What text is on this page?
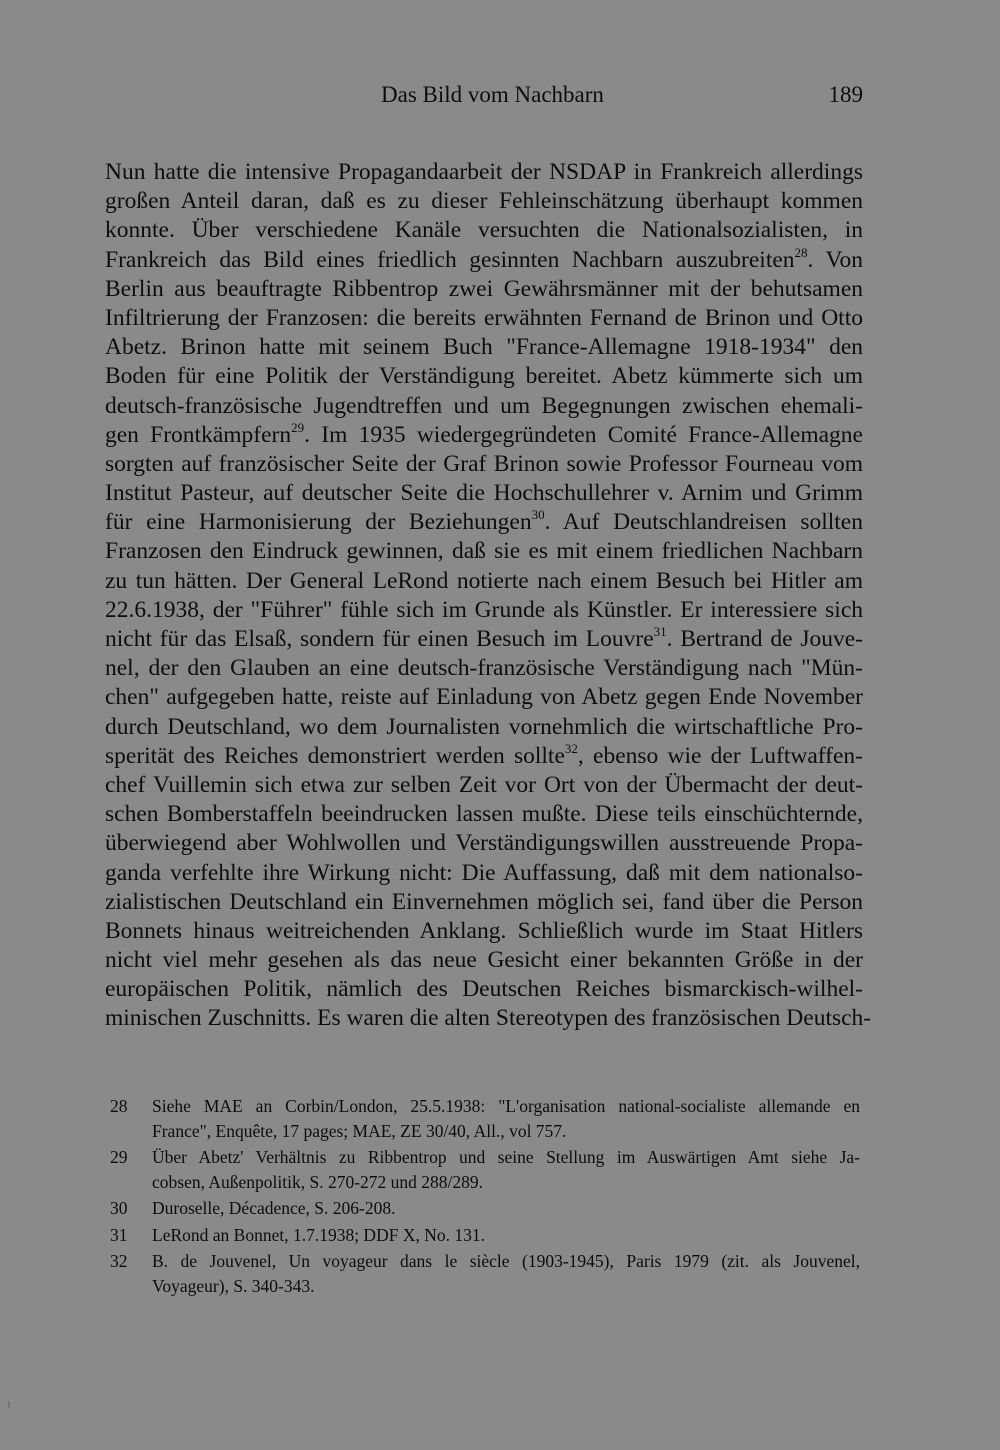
Das Bild vom Nachbarn	189
Nun hatte die intensive Propagandaarbeit der NSDAP in Frankreich allerdings
großen Anteil daran, daß es zu dieser Fehleinschätzung überhaupt kommen
konnte. Über verschiedene Kanäle versuchten die Nationalsozialisten, in
Frankreich das Bild eines friedlich gesinnten Nachbarn auszubreiten$^{28}$. Von
Berlin aus beauftragte Ribbentrop zwei Gewährsmänner mit der behutsamen
Infiltrierung der Franzosen: die bereits erwähnten Fernand de Brinon und Otto
Abetz. Brinon hatte mit seinem Buch "France-Allemagne 1918-1934" den
Boden für eine Politik der Verständigung bereitet. Abetz kümmerte sich um
deutsch-französische Jugendtreffen und um Begegnungen zwischen ehemali-
gen Frontkämpfern$^{29}$. Im 1935 wiedergegründeten Comité France-Allemagne
sorgten auf französischer Seite der Graf Brinon sowie Professor Fourneau vom
Institut Pasteur, auf deutscher Seite die Hochschullehrer v. Arnim und Grimm
für eine Harmonisierung der Beziehungen$^{30}$. Auf Deutschlandreisen sollten
Franzosen den Eindruck gewinnen, daß sie es mit einem friedlichen Nachbarn
zu tun hätten. Der General LeRond notierte nach einem Besuch bei Hitler am
22.6.1938, der "Führer" fühle sich im Grunde als Künstler. Er interessiere sich
nicht für das Elsaß, sondern für einen Besuch im Louvre$^{31}$. Bertrand de Jouve-
nel, der den Glauben an eine deutsch-französische Verständigung nach "Mün-
chen" aufgegeben hatte, reiste auf Einladung von Abetz gegen Ende November
durch Deutschland, wo dem Journalisten vornehmlich die wirtschaftliche Pro-
sperität des Reiches demonstriert werden sollte$^{32}$, ebenso wie der Luftwaffen-
chef Vuillemin sich etwa zur selben Zeit vor Ort von der Übermacht der deut-
schen Bomberstaffeln beeindrucken lassen mußte. Diese teils einschüchternde,
überwiegend aber Wohlwollen und Verständigungswillen ausstreuende Propa-
ganda verfehlte ihre Wirkung nicht: Die Auffassung, daß mit dem nationalso-
zialistischen Deutschland ein Einvernehmen möglich sei, fand über die Person
Bonnets hinaus weitreichenden Anklang. Schließlich wurde im Staat Hitlers
nicht viel mehr gesehen als das neue Gesicht einer bekannten Größe in der
europäischen Politik, nämlich des Deutschen Reiches bismarckisch-wilhel-
minischen Zuschnitts. Es waren die alten Stereotypen des französischen Deutsch-
28 Siehe MAE an Corbin/London, 25.5.1938: "L'organisation national-socialiste allemande en
France", Enquête, 17 pages; MAE, ZE 30/40, All., vol 757.
29 Über Abetz' Verhältnis zu Ribbentrop und seine Stellung im Auswärtigen Amt siehe Ja-
cobsen, Außenpolitik, S. 270-272 und 288/289.
30 Duroselle, Décadence, S. 206-208.
31 LeRond an Bonnet, 1.7.1938; DDF X, No. 131.
32 B. de Jouvenel, Un voyageur dans le siècle (1903-1945), Paris 1979 (zit. als Jouvenel,
Voyageur), S. 340-343.
ǀ
